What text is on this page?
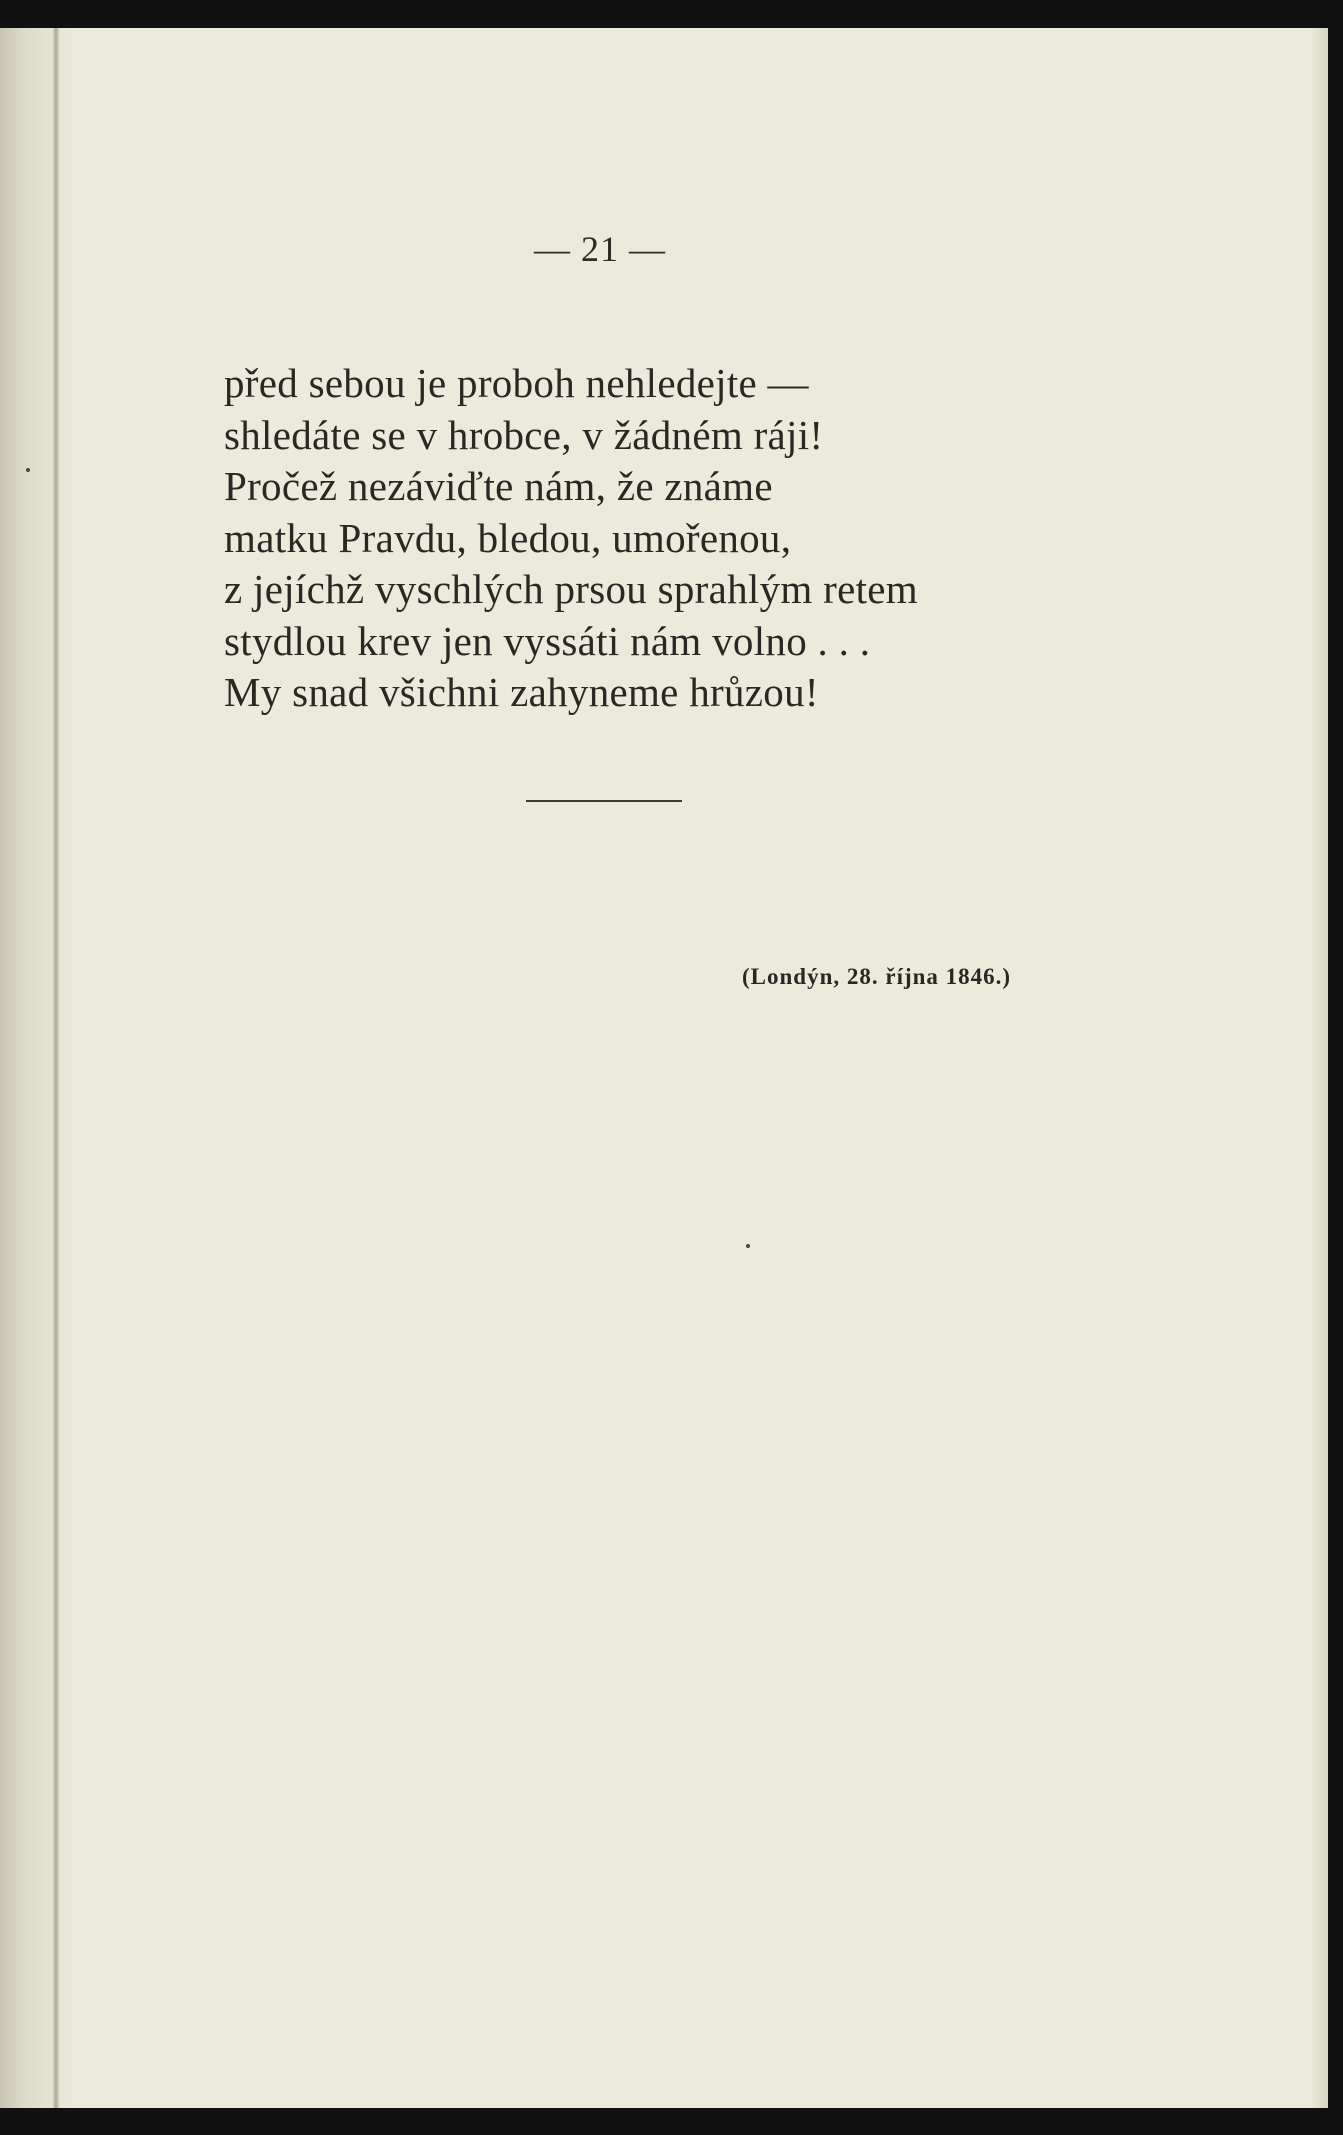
— 21 —
před sebou je proboh nehledejte —
shledáte se v hrobce, v žádném ráji!
Pročež nezáviďte nám, že známe
matku Pravdu, bledou, umořenou,
z jejíchž vyschlých prsou sprahlým retem
stydlou krev jen vyssáti nám volno . . .
My snad všichni zahyneme hrůzou!
(Londýn, 28. října 1846.)
